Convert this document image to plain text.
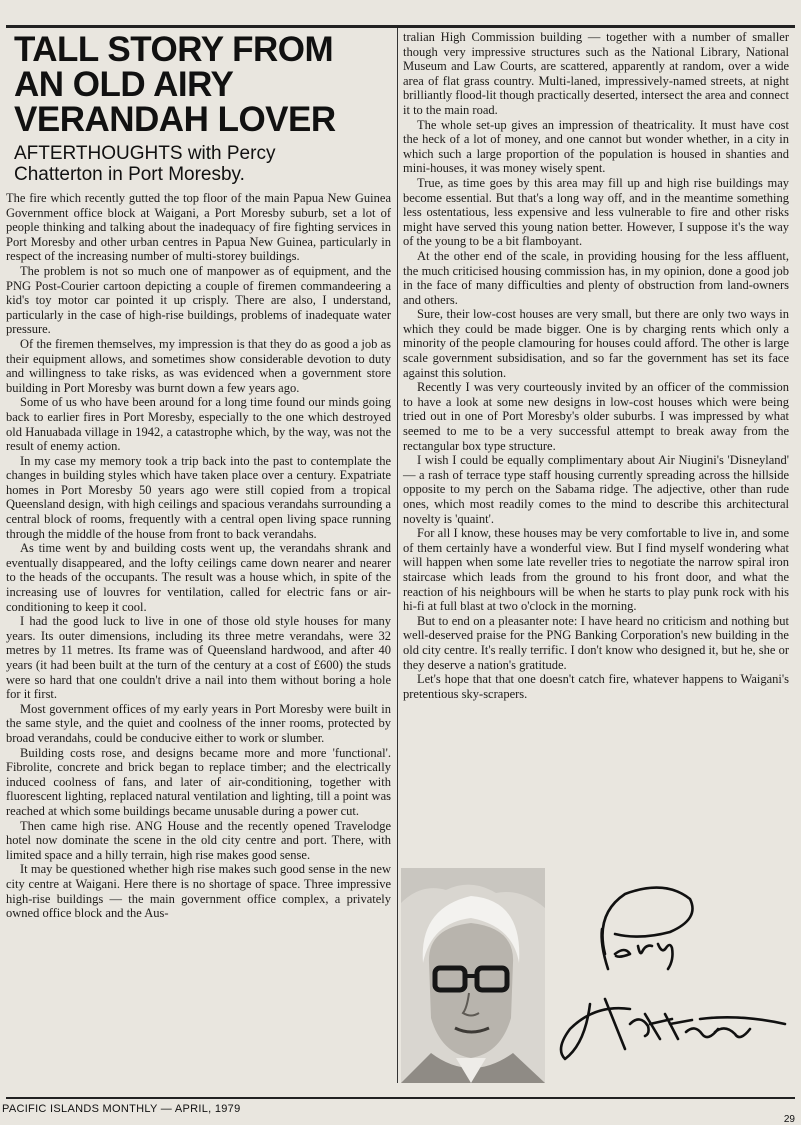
TALL STORY FROM
AN OLD AIRY
VERANDAH LOVER
AFTERTHOUGHTS with Percy
Chatterton in Port Moresby.

The fire which recently gutted the top floor of the main Papua New Guinea Government office block at Waigani, a Port Moresby suburb, set a lot of people thinking and talking about the inadequacy of fire fighting services in Port Moresby and other urban centres in Papua New Guinea, particularly in respect of the increasing number of multi-storey buildings.

The problem is not so much one of manpower as of equipment, and the PNG Post-Courier cartoon depicting a couple of firemen commandeering a kid's toy motor car pointed it up crisply. There are also, I understand, particularly in the case of high-rise buildings, problems of inadequate water pressure.

Of the firemen themselves, my impression is that they do as good a job as their equipment allows, and sometimes show considerable devotion to duty and willingness to take risks, as was evidenced when a government store building in Port Moresby was burnt down a few years ago.

Some of us who have been around for a long time found our minds going back to earlier fires in Port Moresby, especially to the one which destroyed old Hanuabada village in 1942, a catastrophe which, by the way, was not the result of enemy action.

In my case my memory took a trip back into the past to contemplate the changes in building styles which have taken place over a century. Expatriate homes in Port Moresby 50 years ago were still copied from a tropical Queensland design, with high ceilings and spacious verandahs surrounding a central block of rooms, frequently with a central open living space running through the middle of the house from front to back verandahs.

As time went by and building costs went up, the verandahs shrank and eventually disappeared, and the lofty ceilings came down nearer and nearer to the heads of the occupants. The result was a house which, in spite of the increasing use of louvres for ventilation, called for electric fans or air-conditioning to keep it cool.

I had the good luck to live in one of those old style houses for many years. Its outer dimensions, including its three metre verandahs, were 32 metres by 11 metres. Its frame was of Queensland hardwood, and after 40 years (it had been built at the turn of the century at a cost of £600) the studs were so hard that one couldn't drive a nail into them without boring a hole for it first.

Most government offices of my early years in Port Moresby were built in the same style, and the quiet and coolness of the inner rooms, protected by broad verandahs, could be conducive either to work or slumber.

Building costs rose, and designs became more and more 'functional'. Fibrolite, concrete and brick began to replace timber; and the electrically induced coolness of fans, and later of air-conditioning, together with fluorescent lighting, replaced natural ventilation and lighting, till a point was reached at which some buildings became unusable during a power cut.

Then came high rise. ANG House and the recently opened Travelodge hotel now dominate the scene in the old city centre and port. There, with limited space and a hilly terrain, high rise makes good sense.

It may be questioned whether high rise makes such good sense in the new city centre at Waigani. Here there is no shortage of space. Three impressive high-rise buildings — the main government office complex, a privately owned office block and the Aus-

tralian High Commission building — together with a number of smaller though very impressive structures such as the National Library, National Museum and Law Courts, are scattered, apparently at random, over a wide area of flat grass country. Multi-laned, impressively-named streets, at night brilliantly flood-lit though practically deserted, intersect the area and connect it to the main road.

The whole set-up gives an impression of theatricality. It must have cost the heck of a lot of money, and one cannot but wonder whether, in a city in which such a large proportion of the population is housed in shanties and mini-houses, it was money wisely spent.

True, as time goes by this area may fill up and high rise buildings may become essential. But that's a long way off, and in the meantime something less ostentatious, less expensive and less vulnerable to fire and other risks might have served this young nation better. However, I suppose it's the way of the young to be a bit flamboyant.

At the other end of the scale, in providing housing for the less affluent, the much criticised housing commission has, in my opinion, done a good job in the face of many difficulties and plenty of obstruction from land-owners and others.

Sure, their low-cost houses are very small, but there are only two ways in which they could be made bigger. One is by charging rents which only a minority of the people clamouring for houses could afford. The other is large scale government subsidisation, and so far the government has set its face against this solution.

Recently I was very courteously invited by an officer of the commission to have a look at some new designs in low-cost houses which were being tried out in one of Port Moresby's older suburbs. I was impressed by what seemed to me to be a very successful attempt to break away from the rectangular box type structure.

I wish I could be equally complimentary about Air Niugini's 'Disneyland' — a rash of terrace type staff housing currently spreading across the hillside opposite to my perch on the Sabama ridge. The adjective, other than rude ones, which most readily comes to the mind to describe this architectural novelty is 'quaint'.

For all I know, these houses may be very comfortable to live in, and some of them certainly have a wonderful view. But I find myself wondering what will happen when some late reveller tries to negotiate the narrow spiral iron staircase which leads from the ground to his front door, and what the reaction of his neighbours will be when he starts to play punk rock with his hi-fi at full blast at two o'clock in the morning.

But to end on a pleasanter note: I have heard no criticism and nothing but well-deserved praise for the PNG Banking Corporation's new building in the old city centre. It's really terrific. I don't know who designed it, but he, she or they deserve a nation's gratitude.

Let's hope that that one doesn't catch fire, whatever happens to Waigani's pretentious sky-scrapers.

PACIFIC ISLANDS MONTHLY — APRIL, 1979
29
